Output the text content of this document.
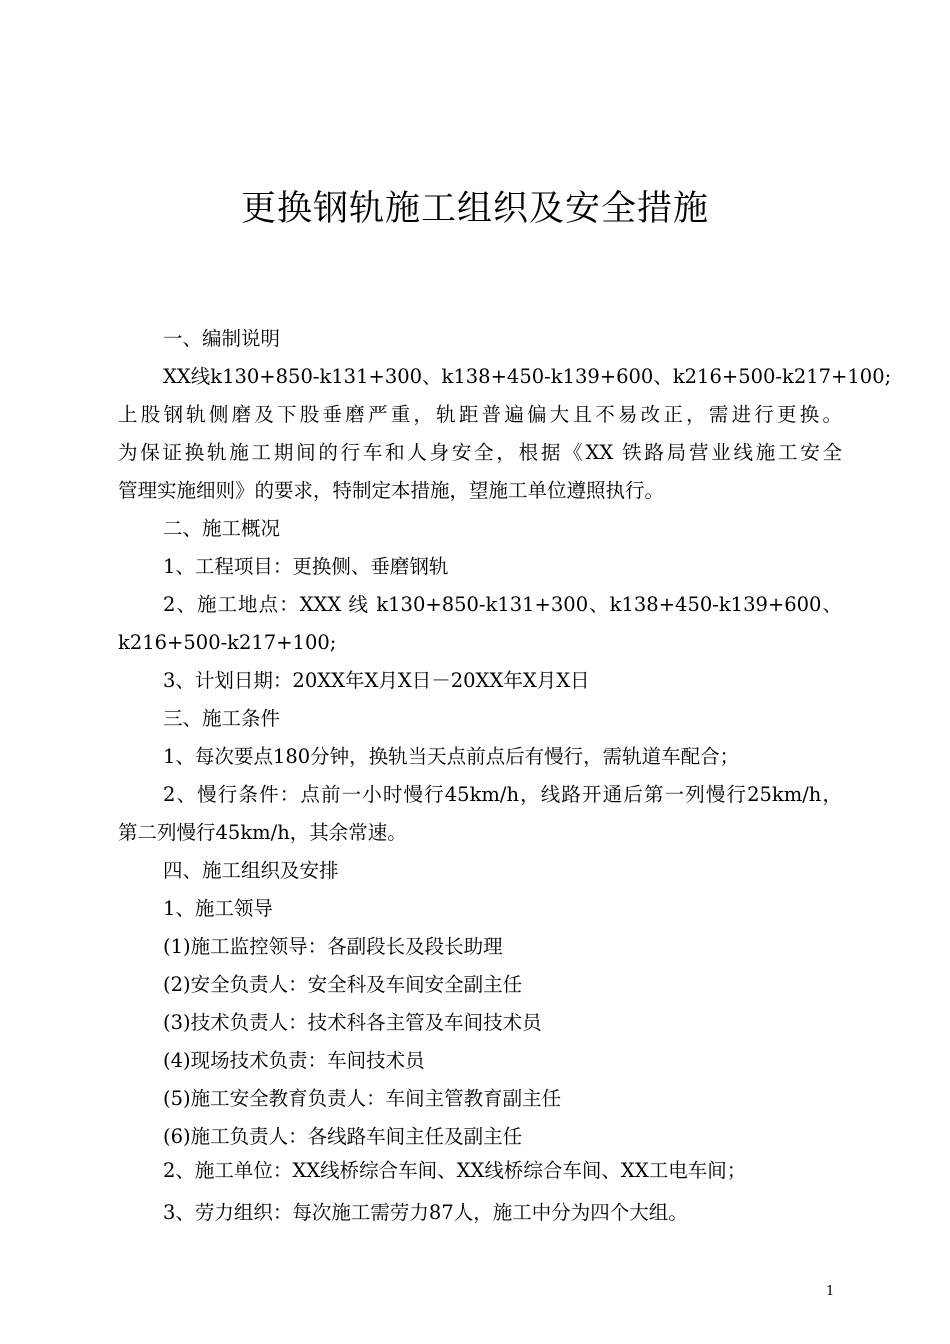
更换钢轨施工组织及安全措施
一、编制说明
XX线k130+850-k131+300、k138+450-k139+600、k216+500-k217+100;
上股钢轨侧磨及下股垂磨严重，轨距普遍偏大且不易改正，需进行更换。
为保证换轨施工期间的行车和人身安全，根据《XX 铁路局营业线施工安全
管理实施细则》的要求，特制定本措施，望施工单位遵照执行。
二、施工概况
1、工程项目：更换侧、垂磨钢轨
2、施工地点：XXX 线 k130+850-k131+300、k138+450-k139+600、
k216+500-k217+100;
3、计划日期：20XX年X月X日－20XX年X月X日
三、施工条件
1、每次要点180分钟，换轨当天点前点后有慢行，需轨道车配合；
2、慢行条件：点前一小时慢行45km/h，线路开通后第一列慢行25km/h，
第二列慢行45km/h，其余常速。
四、施工组织及安排
1、施工领导
(1)施工监控领导：各副段长及段长助理
(2)安全负责人：安全科及车间安全副主任
(3)技术负责人：技术科各主管及车间技术员
(4)现场技术负责：车间技术员
(5)施工安全教育负责人：车间主管教育副主任
(6)施工负责人：各线路车间主任及副主任
2、施工单位：XX线桥综合车间、XX线桥综合车间、XX工电车间；
3、劳力组织：每次施工需劳力87人，施工中分为四个大组。
1
